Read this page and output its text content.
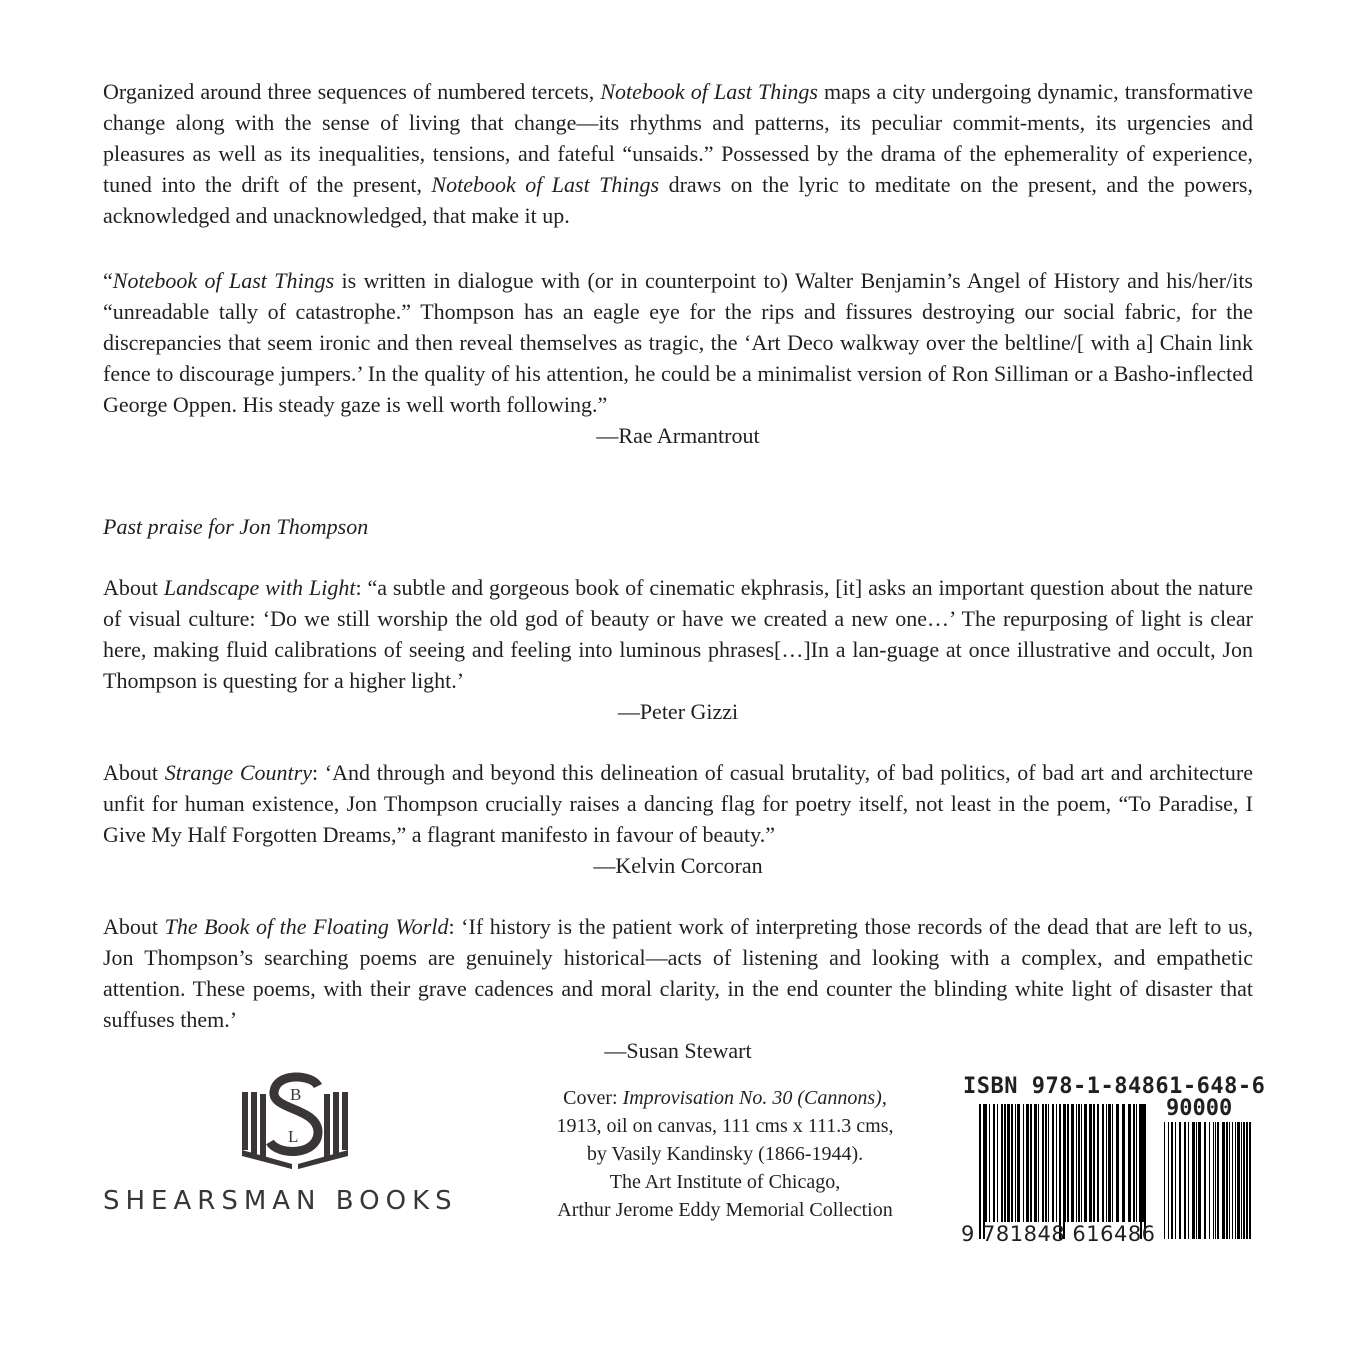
Organized around three sequences of numbered tercets, Notebook of Last Things maps a city undergoing dynamic, transformative change along with the sense of living that change—its rhythms and patterns, its peculiar commit-ments, its urgencies and pleasures as well as its inequalities, tensions, and fateful “unsaids.” Possessed by the drama of the ephemerality of experience, tuned into the drift of the present, Notebook of Last Things draws on the lyric to meditate on the present, and the powers, acknowledged and unacknowledged, that make it up.

“Notebook of Last Things is written in dialogue with (or in counterpoint to) Walter Benjamin’s Angel of History and his/her/its “unreadable tally of catastrophe.” Thompson has an eagle eye for the rips and fissures destroying our social fabric, for the discrepancies that seem ironic and then reveal themselves as tragic, the ‘Art Deco walkway over the beltline/[ with a] Chain link fence to discourage jumpers.’ In the quality of his attention, he could be a minimalist version of Ron Silliman or a Basho-inflected George Oppen. His steady gaze is well worth following.”

—Rae Armantrout

Past praise for Jon Thompson

About Landscape with Light: “a subtle and gorgeous book of cinematic ekphrasis, [it] asks an important question about the nature of visual culture: ‘Do we still worship the old god of beauty or have we created a new one…’ The repurposing of light is clear here, making fluid calibrations of seeing and feeling into luminous phrases[…]In a lan-guage at once illustrative and occult, Jon Thompson is questing for a higher light.’

—Peter Gizzi

About Strange Country: ‘And through and beyond this delineation of casual brutality, of bad politics, of bad art and architecture unfit for human existence, Jon Thompson crucially raises a dancing flag for poetry itself, not least in the poem, “To Paradise, I Give My Half Forgotten Dreams,” a flagrant manifesto in favour of beauty.”

—Kelvin Corcoran

About The Book of the Floating World: ‘If history is the patient work of interpreting those records of the dead that are left to us, Jon Thompson’s searching poems are genuinely historical—acts of listening and looking with a complex, and empathetic attention. These poems, with their grave cadences and moral clarity, in the end counter the blinding white light of disaster that suffuses them.’

—Susan Stewart

B
L
SHEARSMAN BOOKS
Cover: Improvisation No. 30 (Cannons),
1913, oil on canvas, 111 cms x 111.3 cms,
by Vasily Kandinsky (1866-1944).
The Art Institute of Chicago,
Arthur Jerome Eddy Memorial Collection
ISBN 978-1-84861-648-6
90000
9 781848 616486
